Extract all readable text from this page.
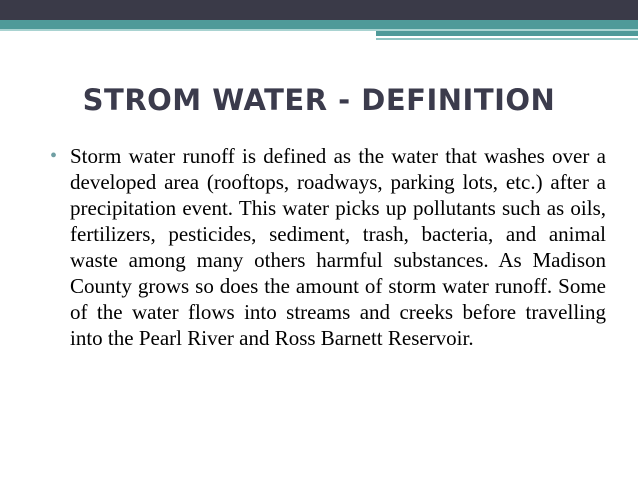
STROM WATER - DEFINITION
• Storm water runoff is defined as the water that washes over a developed area (rooftops, roadways, parking lots, etc.) after a precipitation event. This water picks up pollutants such as oils, fertilizers, pesticides, sediment, trash, bacteria, and animal waste among many others harmful substances. As Madison County grows so does the amount of storm water runoff. Some of the water flows into streams and creeks before travelling into the Pearl River and Ross Barnett Reservoir.
